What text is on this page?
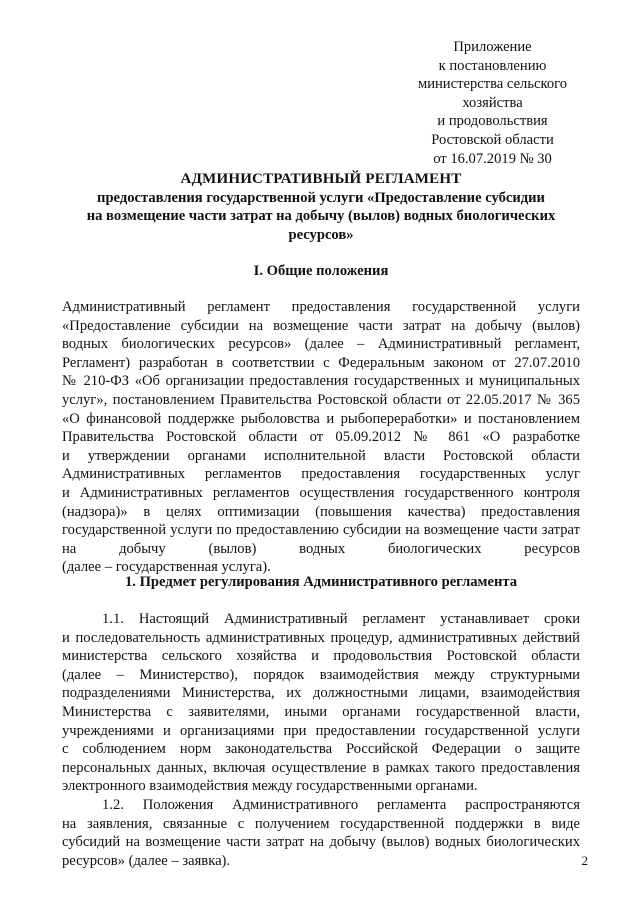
Приложение
к постановлению
министерства сельского
хозяйства
и продовольствия
Ростовской области
от 16.07.2019 № 30
АДМИНИСТРАТИВНЫЙ РЕГЛАМЕНТ
предоставления государственной услуги «Предоставление субсидии
на возмещение части затрат на добычу (вылов) водных биологических
ресурсов»
I. Общие положения
Административный регламент предоставления государственной услуги
«Предоставление субсидии на возмещение части затрат на добычу (вылов)
водных биологических ресурсов» (далее – Административный регламент,
Регламент) разработан в соответствии с Федеральным законом от 27.07.2010
№ 210-ФЗ «Об организации предоставления государственных и муниципальных
услуг», постановлением Правительства Ростовской области от 22.05.2017 № 365
«О финансовой поддержке рыболовства и рыбопереработки» и постановлением
Правительства Ростовской области от 05.09.2012 № 861 «О разработке
и утверждении органами исполнительной власти Ростовской области
Административных регламентов предоставления государственных услуг
и Административных регламентов осуществления государственного контроля
(надзора)» в целях оптимизации (повышения качества) предоставления
государственной услуги по предоставлению субсидии на возмещение части затрат
на добычу (вылов) водных биологических ресурсов
(далее – государственная услуга).
1. Предмет регулирования Административного регламента
1.1. Настоящий Административный регламент устанавливает сроки
и последовательность административных процедур, административных действий
министерства сельского хозяйства и продовольствия Ростовской области
(далее – Министерство), порядок взаимодействия между структурными
подразделениями Министерства, их должностными лицами, взаимодействия
Министерства с заявителями, иными органами государственной власти,
учреждениями и организациями при предоставлении государственной услуги
с соблюдением норм законодательства Российской Федерации о защите
персональных данных, включая осуществление в рамках такого предоставления
электронного взаимодействия между государственными органами.
1.2. Положения Административного регламента распространяются
на заявления, связанные с получением государственной поддержки в виде
субсидий на возмещение части затрат на добычу (вылов) водных биологических
ресурсов» (далее – заявка).	2
